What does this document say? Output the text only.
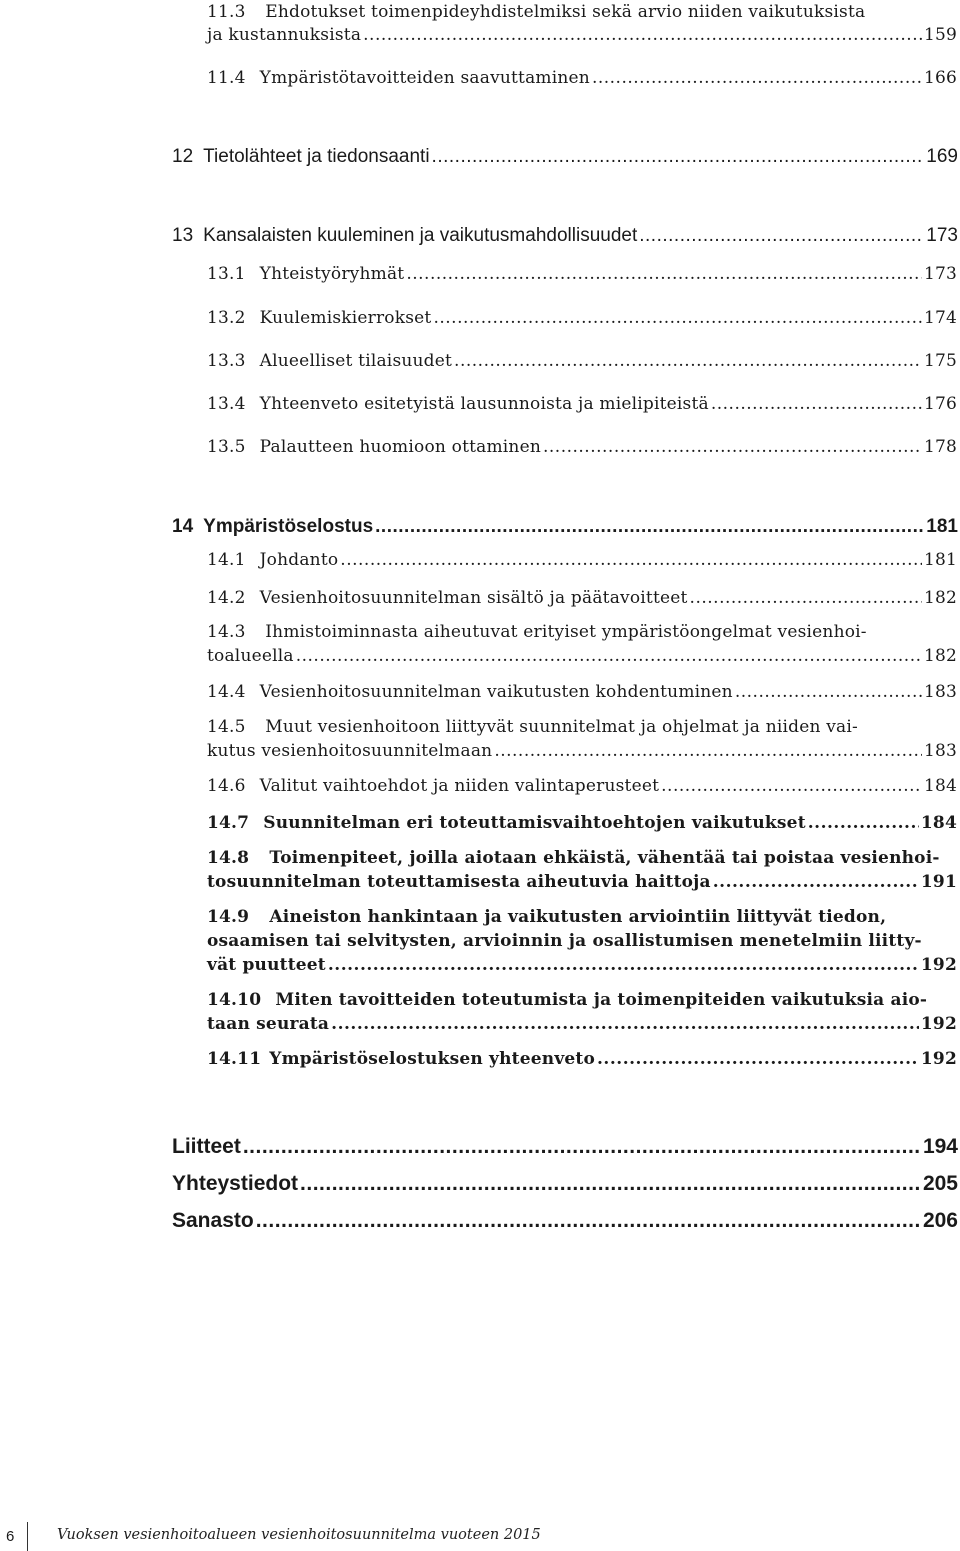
11.3 Ehdotukset toimenpideyhdistelmiksi sekä arvio niiden vaikutuksista
ja kustannuksista .....	159
11.4 Ympäristötavoitteiden saavuttaminen .....	166
12 Tietolähteet ja tiedonsaanti .....	169
13 Kansalaisten kuuleminen ja vaikutusmahdollisuudet .....	173
13.1 Yhteistyöryhmät .....	173
13.2 Kuulemiskierrokset .....	174
13.3 Alueelliset tilaisuudet .....	175
13.4 Yhteenveto esitetyistä lausunnoista ja mielipiteistä .....	176
13.5 Palautteen huomioon ottaminen .....	178
14 Ympäristöselostus .....	181
14.1 Johdanto .....	181
14.2 Vesienhoitosuunnitelman sisältö ja päätavoitteet .....	182
14.3 Ihmistoiminnasta aiheutuvat erityiset ympäristöongelmat vesienhoi-
toalueella .....	182
14.4 Vesienhoitosuunnitelman vaikutusten kohdentuminen .....	183
14.5 Muut vesienhoitoon liittyvät suunnitelmat ja ohjelmat ja niiden vai-
kutus vesienhoitosuunnitelmaan .....	183
14.6 Valitut vaihtoehdot ja niiden valintaperusteet .....	184
14.7 Suunnitelman eri toteuttamisvaihtoehtojen vaikutukset .....	184
14.8 Toimenpiteet, joilla aiotaan ehkäistä, vähentää tai poistaa vesienhoi-
tosuunnitelman toteuttamisesta aiheutuvia haittoja .....	191
14.9 Aineiston hankintaan ja vaikutusten arviointiin liittyvät tiedon,
osaamisen tai selvitysten, arvioinnin ja osallistumisen menetelmiin liitty-
vät puutteet .....	192
14.10 Miten tavoitteiden toteutumista ja toimenpiteiden vaikutuksia aio-
taan seurata .....	192
14.11 Ympäristöselostuksen yhteenveto .....	192
Liitteet .....	194
Yhteystiedot .....	205
Sanasto .....	206
6	Vuoksen vesienhoitoalueen vesienhoitosuunnitelma vuoteen 2015
